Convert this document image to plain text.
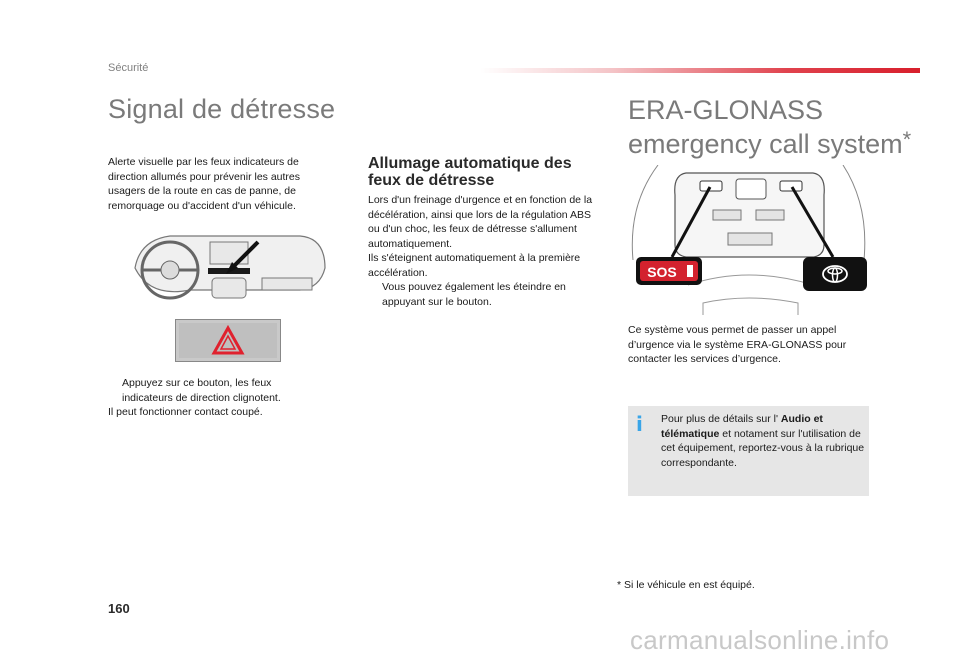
Sécurité
Signal de détresse
Alerte visuelle par les feux indicateurs de direction allumés pour prévenir les autres usagers de la route en cas de panne, de remorquage ou d'accident d'un véhicule.
Appuyez sur ce bouton, les feux indicateurs de direction clignotent.
Il peut fonctionner contact coupé.
Allumage automatique des feux de détresse
Lors d'un freinage d'urgence et en fonction de la décélération, ainsi que lors de la régulation ABS ou d'un choc, les feux de détresse s'allument automatiquement.
Ils s'éteignent automatiquement à la première accélération.
Vous pouvez également les éteindre en appuyant sur le bouton.
ERA-GLONASS
emergency call system*
SOS
Ce système vous permet de passer un appel d’urgence via le système ERA-GLONASS pour contacter les services d’urgence.
i Pour plus de détails sur l' Audio et télématique et notament sur l'utilisation de cet équipement, reportez-vous à la rubrique correspondante.
* Si le véhicule en est équipé.
160
carmanualsonline.info
